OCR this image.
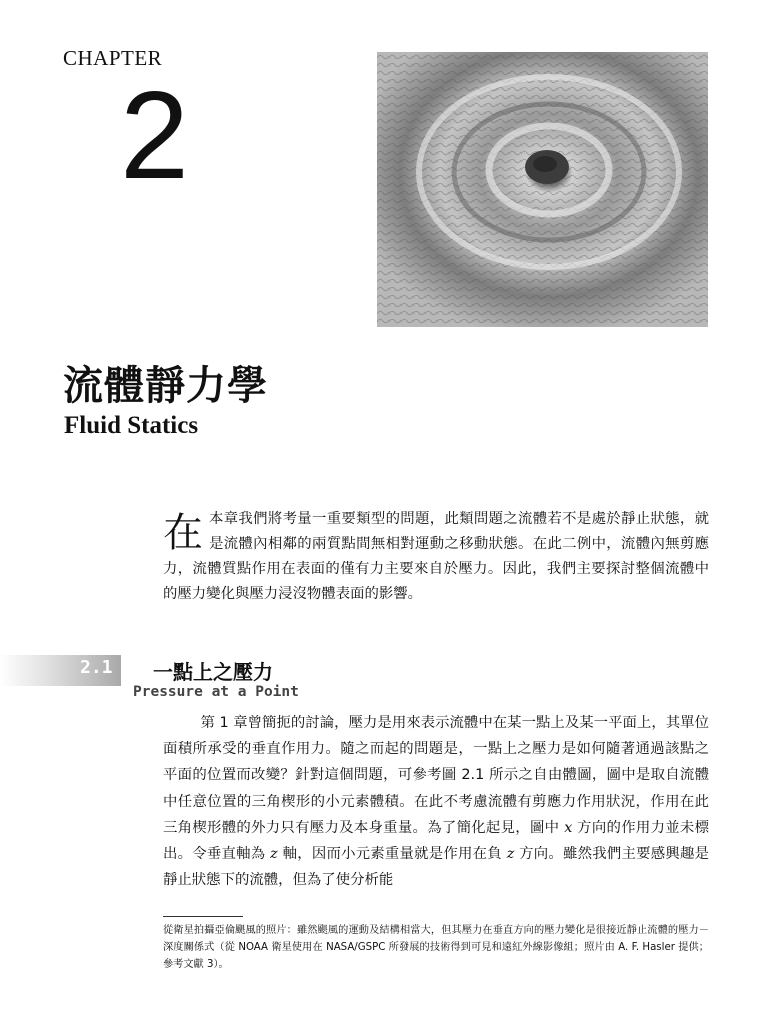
CHAPTER
2
流體靜力學
Fluid Statics
在 本章我們將考量一重要類型的問題，此類問題之流體若不是處於靜止狀態，就是流體內相鄰的兩質點間無相對運動之移動狀態。在此二例中，流體內無剪應力，流體質點作用在表面的僅有力主要來自於壓力。因此，我們主要探討整個流體中的壓力變化與壓力浸沒物體表面的影響。
2.1 一點上之壓力
Pressure at a Point

第 1 章曾簡扼的討論，壓力是用來表示流體中在某一點上及某一平面上，其單位面積所承受的垂直作用力。隨之而起的問題是，一點上之壓力是如何隨著通過該點之平面的位置而改變？針對這個問題，可參考圖 2.1 所示之自由體圖，圖中是取自流體中任意位置的三角楔形的小元素體積。在此不考慮流體有剪應力作用狀況，作用在此三角楔形體的外力只有壓力及本身重量。為了簡化起見，圖中 x 方向的作用力並未標出。令垂直軸為 z 軸，因而小元素重量就是作用在負 z 方向。雖然我們主要感興趣是靜止狀態下的流體，但為了使分析能

從衛星拍攝亞倫颶風的照片：雖然颶風的運動及結構相當大，但其壓力在垂直方向的壓力變化是很接近靜止流體的壓力－深度關係式（從 NOAA 衛星使用在 NASA/GSPC 所發展的技術得到可見和遠紅外線影像組；照片由 A. F. Hasler 提供；參考文獻 3）。
